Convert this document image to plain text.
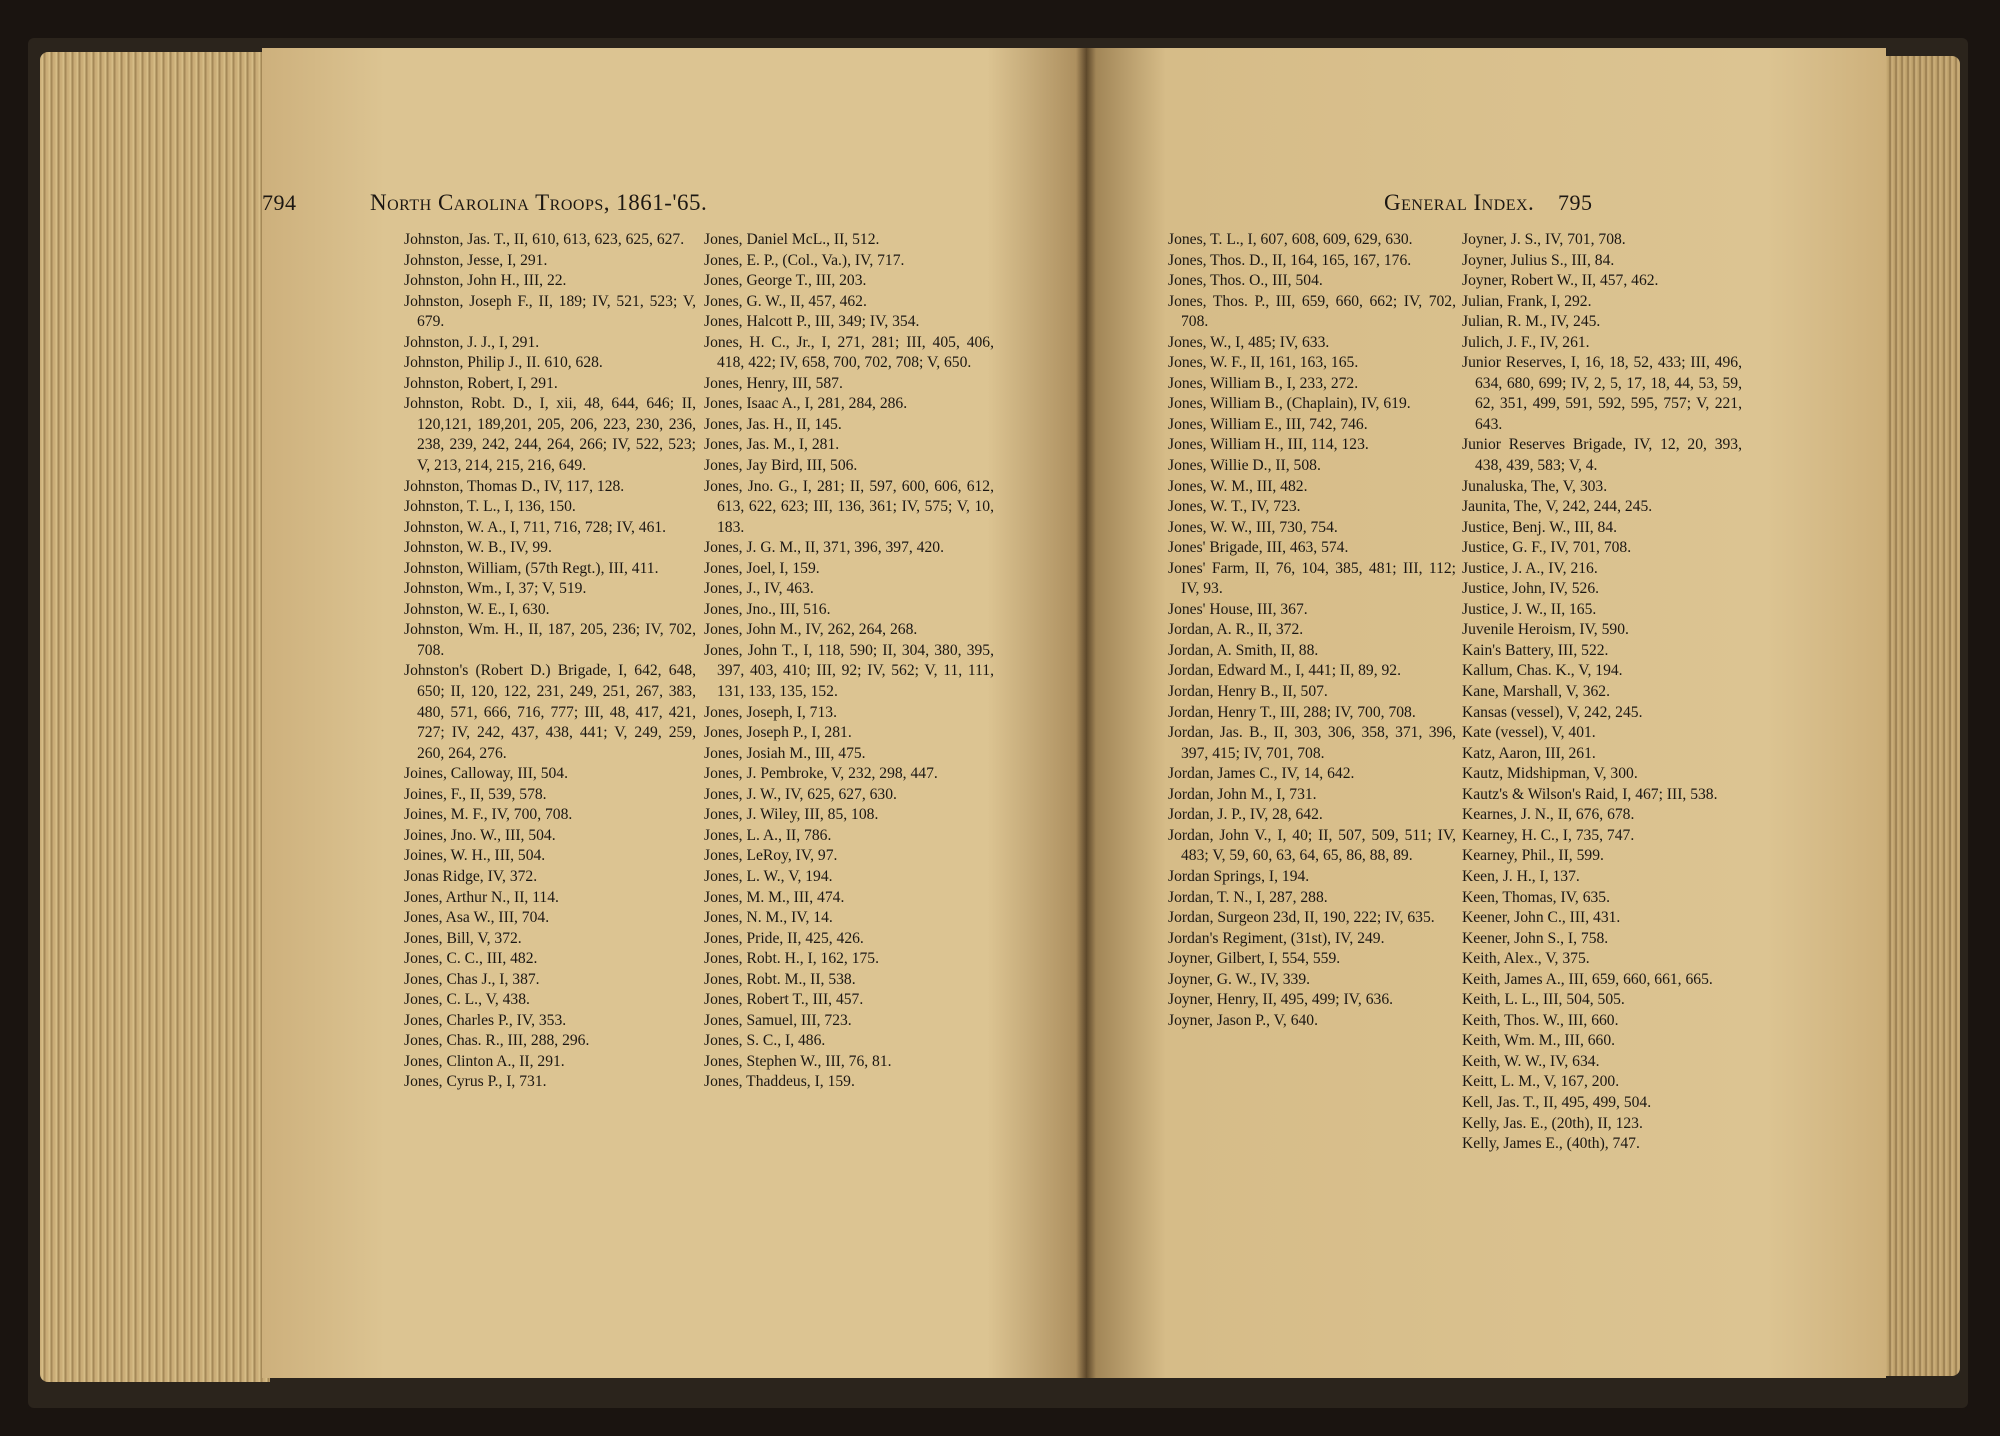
794	North Carolina Troops, 1861-'65.
Johnston, Jas. T., II, 610, 613, 623, 625, 627.
Johnston, Jesse, I, 291.
Johnston, John H., III, 22.
Johnston, Joseph F., II, 189; IV, 521, 523; V, 679.
Johnston, J. J., I, 291.
Johnston, Philip J., II. 610, 628.
Johnston, Robert, I, 291.
Johnston, Robt. D., I, xii, 48, 644, 646; II, 120,121, 189,201, 205, 206, 223, 230, 236, 238, 239, 242, 244, 264, 266; IV, 522, 523; V, 213, 214, 215, 216, 649.
Johnston, Thomas D., IV, 117, 128.
Johnston, T. L., I, 136, 150.
Johnston, W. A., I, 711, 716, 728; IV, 461.
Johnston, W. B., IV, 99.
Johnston, William, (57th Regt.), III, 411.
Johnston, Wm., I, 37; V, 519.
Johnston, W. E., I, 630.
Johnston, Wm. H., II, 187, 205, 236; IV, 702, 708.
Johnston's (Robert D.) Brigade, I, 642, 648, 650; II, 120, 122, 231, 249, 251, 267, 383, 480, 571, 666, 716, 777; III, 48, 417, 421, 727; IV, 242, 437, 438, 441; V, 249, 259, 260, 264, 276.
Joines, Calloway, III, 504.
Joines, F., II, 539, 578.
Joines, M. F., IV, 700, 708.
Joines, Jno. W., III, 504.
Joines, W. H., III, 504.
Jonas Ridge, IV, 372.
Jones, Arthur N., II, 114.
Jones, Asa W., III, 704.
Jones, Bill, V, 372.
Jones, C. C., III, 482.
Jones, Chas J., I, 387.
Jones, C. L., V, 438.
Jones, Charles P., IV, 353.
Jones, Chas. R., III, 288, 296.
Jones, Clinton A., II, 291.
Jones, Cyrus P., I, 731.
Jones, Daniel McL., II, 512.
Jones, E. P., (Col., Va.), IV, 717.
Jones, George T., III, 203.
Jones, G. W., II, 457, 462.
Jones, Halcott P., III, 349; IV, 354.
Jones, H. C., Jr., I, 271, 281; III, 405, 406, 418, 422; IV, 658, 700, 702, 708; V, 650.
Jones, Henry, III, 587.
Jones, Isaac A., I, 281, 284, 286.
Jones, Jas. H., II, 145.
Jones, Jas. M., I, 281.
Jones, Jay Bird, III, 506.
Jones, Jno. G., I, 281; II, 597, 600, 606, 612, 613, 622, 623; III, 136, 361; IV, 575; V, 10, 183.
Jones, J. G. M., II, 371, 396, 397, 420.
Jones, Joel, I, 159.
Jones, J., IV, 463.
Jones, Jno., III, 516.
Jones, John M., IV, 262, 264, 268.
Jones, John T., I, 118, 590; II, 304, 380, 395, 397, 403, 410; III, 92; IV, 562; V, 11, 111, 131, 133, 135, 152.
Jones, Joseph, I, 713.
Jones, Joseph P., I, 281.
Jones, Josiah M., III, 475.
Jones, J. Pembroke, V, 232, 298, 447.
Jones, J. W., IV, 625, 627, 630.
Jones, J. Wiley, III, 85, 108.
Jones, L. A., II, 786.
Jones, LeRoy, IV, 97.
Jones, L. W., V, 194.
Jones, M. M., III, 474.
Jones, N. M., IV, 14.
Jones, Pride, II, 425, 426.
Jones, Robt. H., I, 162, 175.
Jones, Robt. M., II, 538.
Jones, Robert T., III, 457.
Jones, Samuel, III, 723.
Jones, S. C., I, 486.
Jones, Stephen W., III, 76, 81.
Jones, Thaddeus, I, 159.
General Index. 795
Jones, T. L., I, 607, 608, 609, 629, 630.
Jones, Thos. D., II, 164, 165, 167, 176.
Jones, Thos. O., III, 504.
Jones, Thos. P., III, 659, 660, 662; IV, 702, 708.
Jones, W., I, 485; IV, 633.
Jones, W. F., II, 161, 163, 165.
Jones, William B., I, 233, 272.
Jones, William B., (Chaplain), IV, 619.
Jones, William E., III, 742, 746.
Jones, William H., III, 114, 123.
Jones, Willie D., II, 508.
Jones, W. M., III, 482.
Jones, W. T., IV, 723.
Jones, W. W., III, 730, 754.
Jones' Brigade, III, 463, 574.
Jones' Farm, II, 76, 104, 385, 481; III, 112; IV, 93.
Jones' House, III, 367.
Jordan, A. R., II, 372.
Jordan, A. Smith, II, 88.
Jordan, Edward M., I, 441; II, 89, 92.
Jordan, Henry B., II, 507.
Jordan, Henry T., III, 288; IV, 700, 708.
Jordan, Jas. B., II, 303, 306, 358, 371, 396, 397, 415; IV, 701, 708.
Jordan, James C., IV, 14, 642.
Jordan, John M., I, 731.
Jordan, J. P., IV, 28, 642.
Jordan, John V., I, 40; II, 507, 509, 511; IV, 483; V, 59, 60, 63, 64, 65, 86, 88, 89.
Jordan Springs, I, 194.
Jordan, T. N., I, 287, 288.
Jordan, Surgeon 23d, II, 190, 222; IV, 635.
Jordan's Regiment, (31st), IV, 249.
Joyner, Gilbert, I, 554, 559.
Joyner, G. W., IV, 339.
Joyner, Henry, II, 495, 499; IV, 636.
Joyner, Jason P., V, 640.
Joyner, J. S., IV, 701, 708.
Joyner, Julius S., III, 84.
Joyner, Robert W., II, 457, 462.
Julian, Frank, I, 292.
Julian, R. M., IV, 245.
Julich, J. F., IV, 261.
Junior Reserves, I, 16, 18, 52, 433; III, 496, 634, 680, 699; IV, 2, 5, 17, 18, 44, 53, 59, 62, 351, 499, 591, 592, 595, 757; V, 221, 643.
Junior Reserves Brigade, IV, 12, 20, 393, 438, 439, 583; V, 4.
Junaluska, The, V, 303.
Jaunita, The, V, 242, 244, 245.
Justice, Benj. W., III, 84.
Justice, G. F., IV, 701, 708.
Justice, J. A., IV, 216.
Justice, John, IV, 526.
Justice, J. W., II, 165.
Juvenile Heroism, IV, 590.
Kain's Battery, III, 522.
Kallum, Chas. K., V, 194.
Kane, Marshall, V, 362.
Kansas (vessel), V, 242, 245.
Kate (vessel), V, 401.
Katz, Aaron, III, 261.
Kautz, Midshipman, V, 300.
Kautz's & Wilson's Raid, I, 467; III, 538.
Kearnes, J. N., II, 676, 678.
Kearney, H. C., I, 735, 747.
Kearney, Phil., II, 599.
Keen, J. H., I, 137.
Keen, Thomas, IV, 635.
Keener, John C., III, 431.
Keener, John S., I, 758.
Keith, Alex., V, 375.
Keith, James A., III, 659, 660, 661, 665.
Keith, L. L., III, 504, 505.
Keith, Thos. W., III, 660.
Keith, Wm. M., III, 660.
Keith, W. W., IV, 634.
Keitt, L. M., V, 167, 200.
Kell, Jas. T., II, 495, 499, 504.
Kelly, Jas. E., (20th), II, 123.
Kelly, James E., (40th), 747.
